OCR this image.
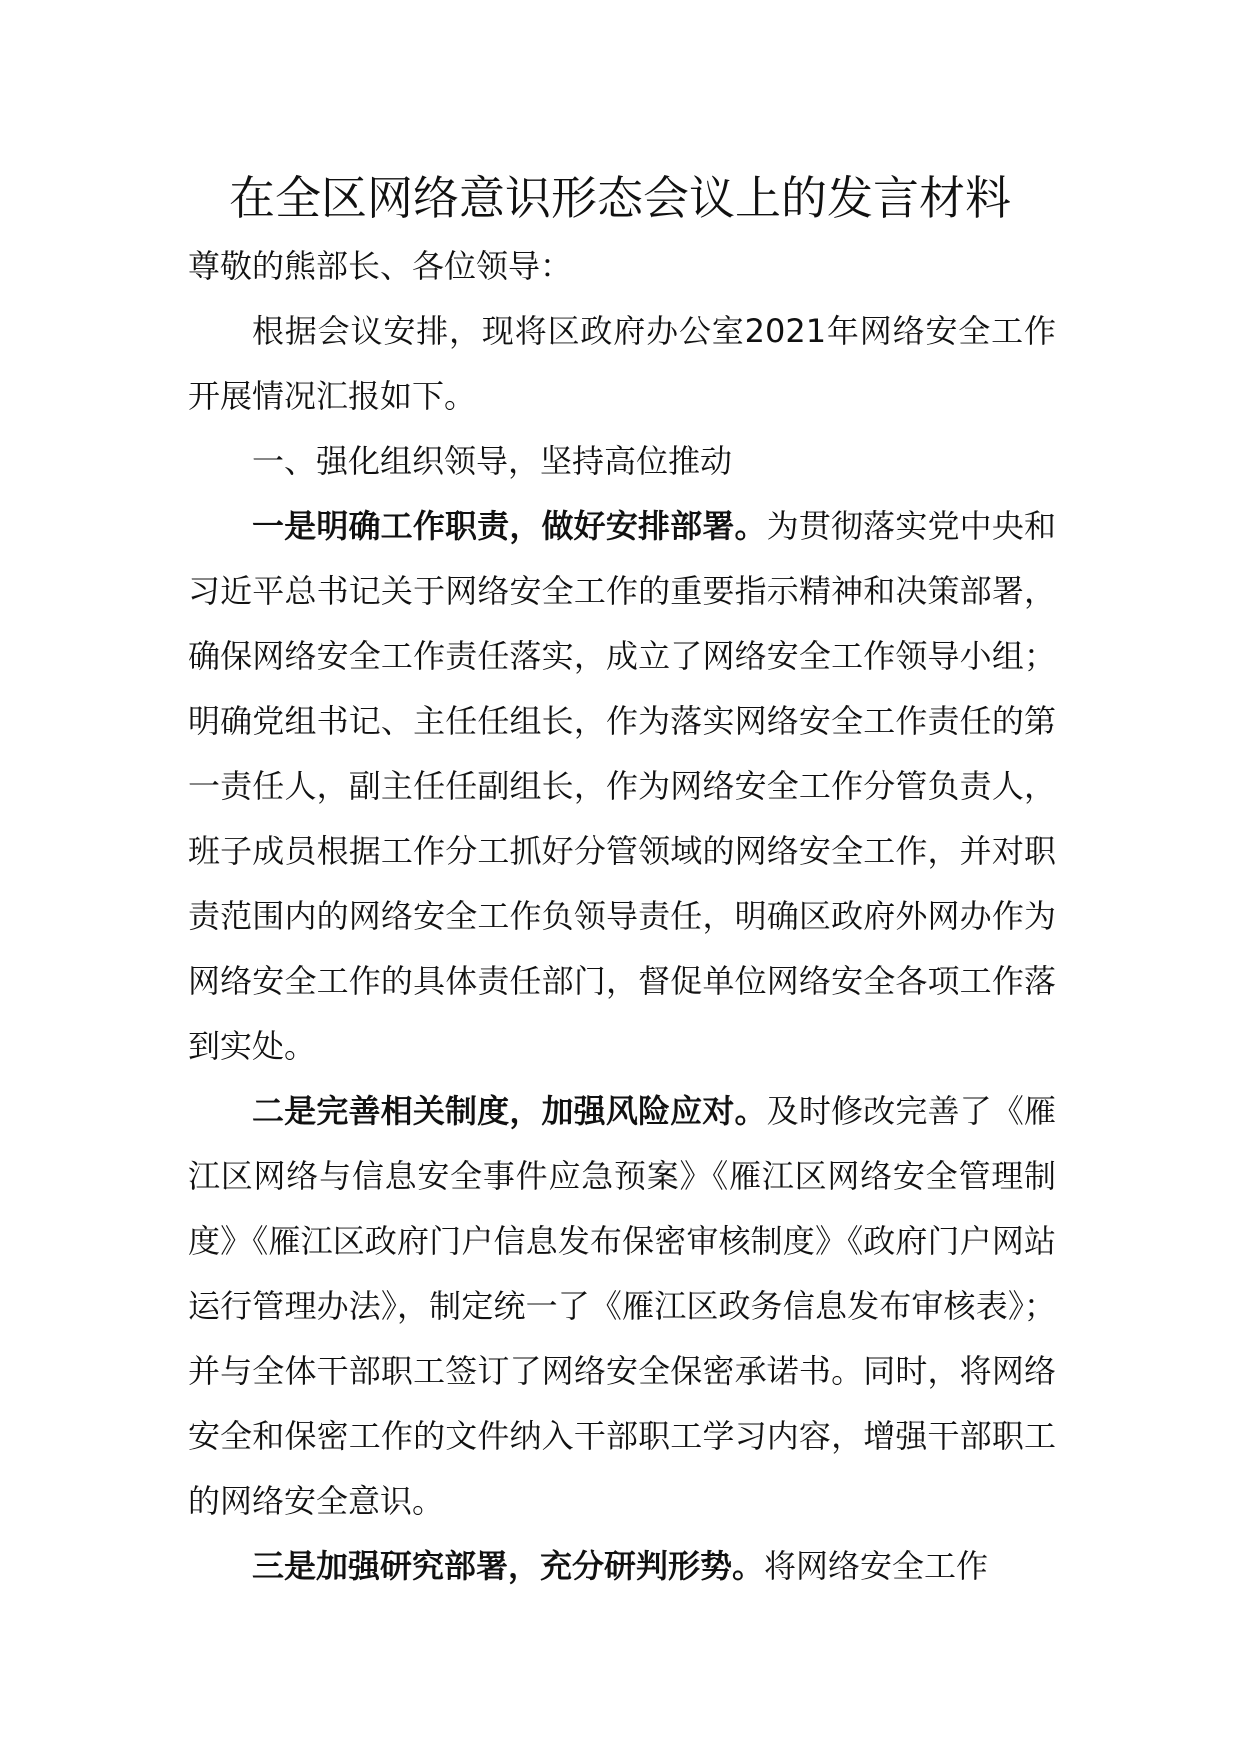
在全区网络意识形态会议上的发言材料

尊敬的熊部长、各位领导：

根据会议安排，现将区政府办公室2021年网络安全工作开展情况汇报如下。

一、强化组织领导，坚持高位推动

一是明确工作职责，做好安排部署。为贯彻落实党中央和习近平总书记关于网络安全工作的重要指示精神和决策部署，确保网络安全工作责任落实，成立了网络安全工作领导小组；明确党组书记、主任任组长，作为落实网络安全工作责任的第一责任人，副主任任副组长，作为网络安全工作分管负责人，班子成员根据工作分工抓好分管领域的网络安全工作，并对职责范围内的网络安全工作负领导责任，明确区政府外网办作为网络安全工作的具体责任部门，督促单位网络安全各项工作落到实处。

二是完善相关制度，加强风险应对。及时修改完善了《雁江区网络与信息安全事件应急预案》《雁江区网络安全管理制度》《雁江区政府门户信息发布保密审核制度》《政府门户网站运行管理办法》，制定统一了《雁江区政务信息发布审核表》；并与全体干部职工签订了网络安全保密承诺书。同时，将网络安全和保密工作的文件纳入干部职工学习内容，增强干部职工的网络安全意识。

三是加强研究部署，充分研判形势。将网络安全工作
